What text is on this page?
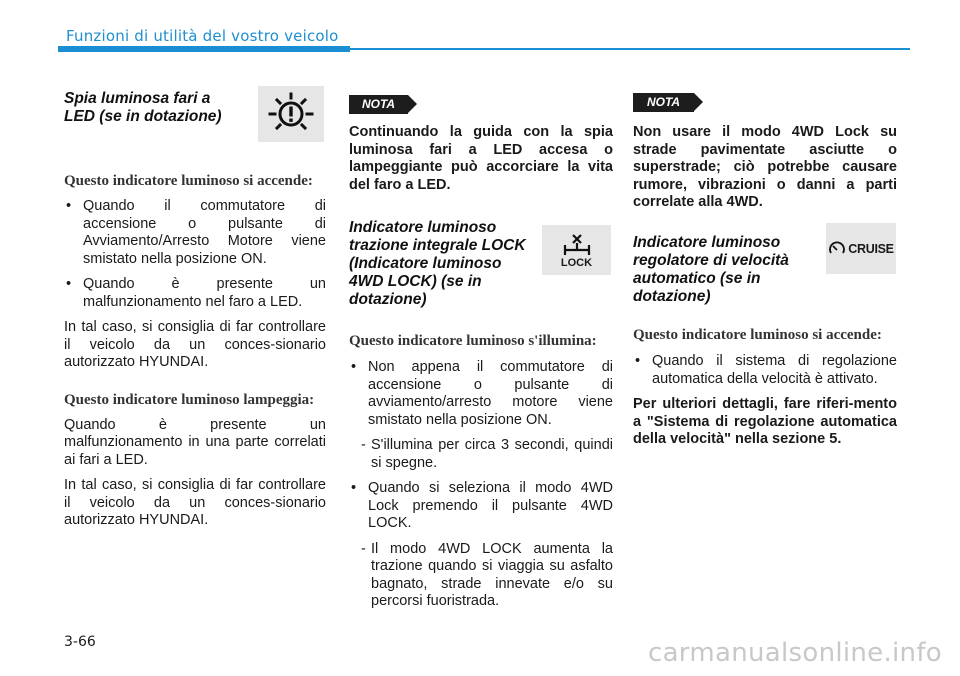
Funzioni di utilità del vostro veicolo
Spia luminosa fari a LED (se in dotazione)

Questo indicatore luminoso si accende:

• Quando il commutatore di accensione o pulsante di Avviamento/Arresto Motore viene smistato nella posizione ON.

• Quando è presente un malfunzionamento nel faro a LED.

In tal caso, si consiglia di far controllare il veicolo da un conces-sionario autorizzato HYUNDAI.

Questo indicatore luminoso lampeggia:

Quando è presente un malfunzionamento in una parte correlati ai fari a LED.

In tal caso, si consiglia di far controllare il veicolo da un conces-sionario autorizzato HYUNDAI.

NOTA

Continuando la guida con la spia luminosa fari a LED accesa o lampeggiante può accorciare la vita del faro a LED.

Indicatore luminoso trazione integrale LOCK (Indicatore luminoso 4WD LOCK) (se in dotazione)
LOCK

Questo indicatore luminoso s'illumina:

• Non appena il commutatore di accensione o pulsante di avviamento/arresto motore viene smistato nella posizione ON.

- S'illumina per circa 3 secondi, quindi si spegne.

• Quando si seleziona il modo 4WD Lock premendo il pulsante 4WD LOCK.

- Il modo 4WD LOCK aumenta la trazione quando si viaggia su asfalto bagnato, strade innevate e/o su percorsi fuoristrada.

NOTA

Non usare il modo 4WD Lock su strade pavimentate asciutte o superstrade; ciò potrebbe causare rumore, vibrazioni o danni a parti correlate alla 4WD.

Indicatore luminoso regolatore di velocità automatico (se in dotazione)
CRUISE

Questo indicatore luminoso si accende:

• Quando il sistema di regolazione automatica della velocità è attivato.

Per ulteriori dettagli, fare riferi-mento a "Sistema di regolazione automatica della velocità" nella sezione 5.

3-66	carmanualsonline.info
